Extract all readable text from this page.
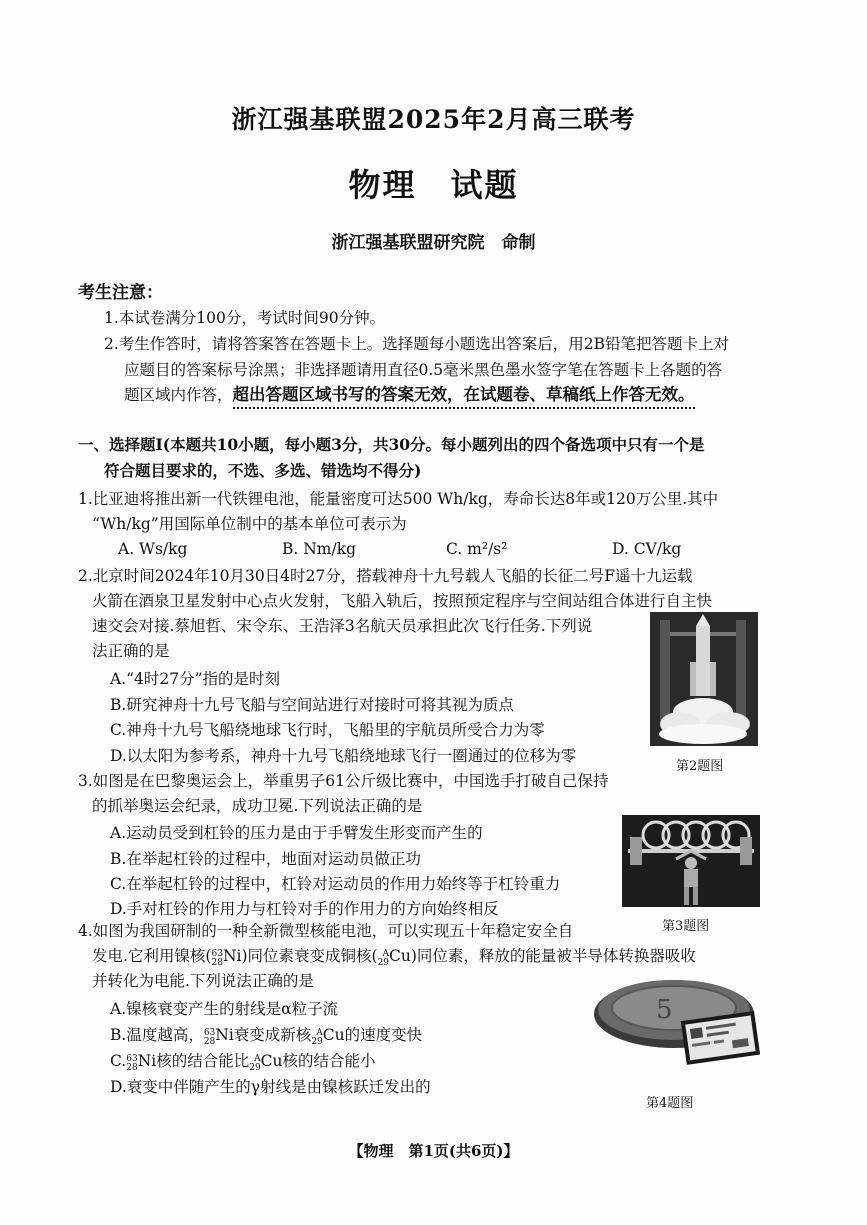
浙江强基联盟2025年2月高三联考
物理　试题
浙江强基联盟研究院　命制
考生注意：
1.本试卷满分100分，考试时间90分钟。
2.考生作答时，请将答案答在答题卡上。选择题每小题选出答案后，用2B铅笔把答题卡上对
应题目的答案标号涂黑；非选择题请用直径0.5毫米黑色墨水签字笔在答题卡上各题的答
题区域内作答，超出答题区域书写的答案无效，在试题卷、草稿纸上作答无效。
一、选择题Ⅰ(本题共10小题，每小题3分，共30分。每小题列出的四个备选项中只有一个是
符合题目要求的，不选、多选、错选均不得分)
1.比亚迪将推出新一代铁锂电池，能量密度可达500 Wh/kg，寿命长达8年或120万公里.其中
“Wh/kg”用国际单位制中的基本单位可表示为
A. Ws/kg	B. Nm/kg	C. m²/s²	D. CV/kg
2.北京时间2024年10月30日4时27分，搭载神舟十九号载人飞船的长征二号F遥十九运载
火箭在酒泉卫星发射中心点火发射，飞船入轨后，按照预定程序与空间站组合体进行自主快
速交会对接.蔡旭哲、宋令东、王浩泽3名航天员承担此次飞行任务.下列说
法正确的是
A.“4时27分”指的是时刻
B.研究神舟十九号飞船与空间站进行对接时可将其视为质点
C.神舟十九号飞船绕地球飞行时，飞船里的宇航员所受合力为零
D.以太阳为参考系，神舟十九号飞船绕地球飞行一圈通过的位移为零
第2题图
3.如图是在巴黎奥运会上，举重男子61公斤级比赛中，中国选手打破自己保持
的抓举奥运会纪录，成功卫冕.下列说法正确的是
A.运动员受到杠铃的压力是由于手臂发生形变而产生的
B.在举起杠铃的过程中，地面对运动员做正功
C.在举起杠铃的过程中，杠铃对运动员的作用力始终等于杠铃重力
D.手对杠铃的作用力与杠铃对手的作用力的方向始终相反
第3题图
4.如图为我国研制的一种全新微型核能电池，可以实现五十年稳定安全自
发电.它利用镍核(63
28Ni)同位素衰变成铜核( A
29Cu)同位素，释放的能量被半导体转换器吸收
并转化为电能.下列说法正确的是
A.镍核衰变产生的射线是α粒子流
B.温度越高，63
28Ni衰变成新核 A
29Cu的速度变快
C.63
28Ni核的结合能比 A
29Cu核的结合能小
D.衰变中伴随产生的γ射线是由镍核跃迁发出的
5
第4题图
【物理　第1页(共6页)】
